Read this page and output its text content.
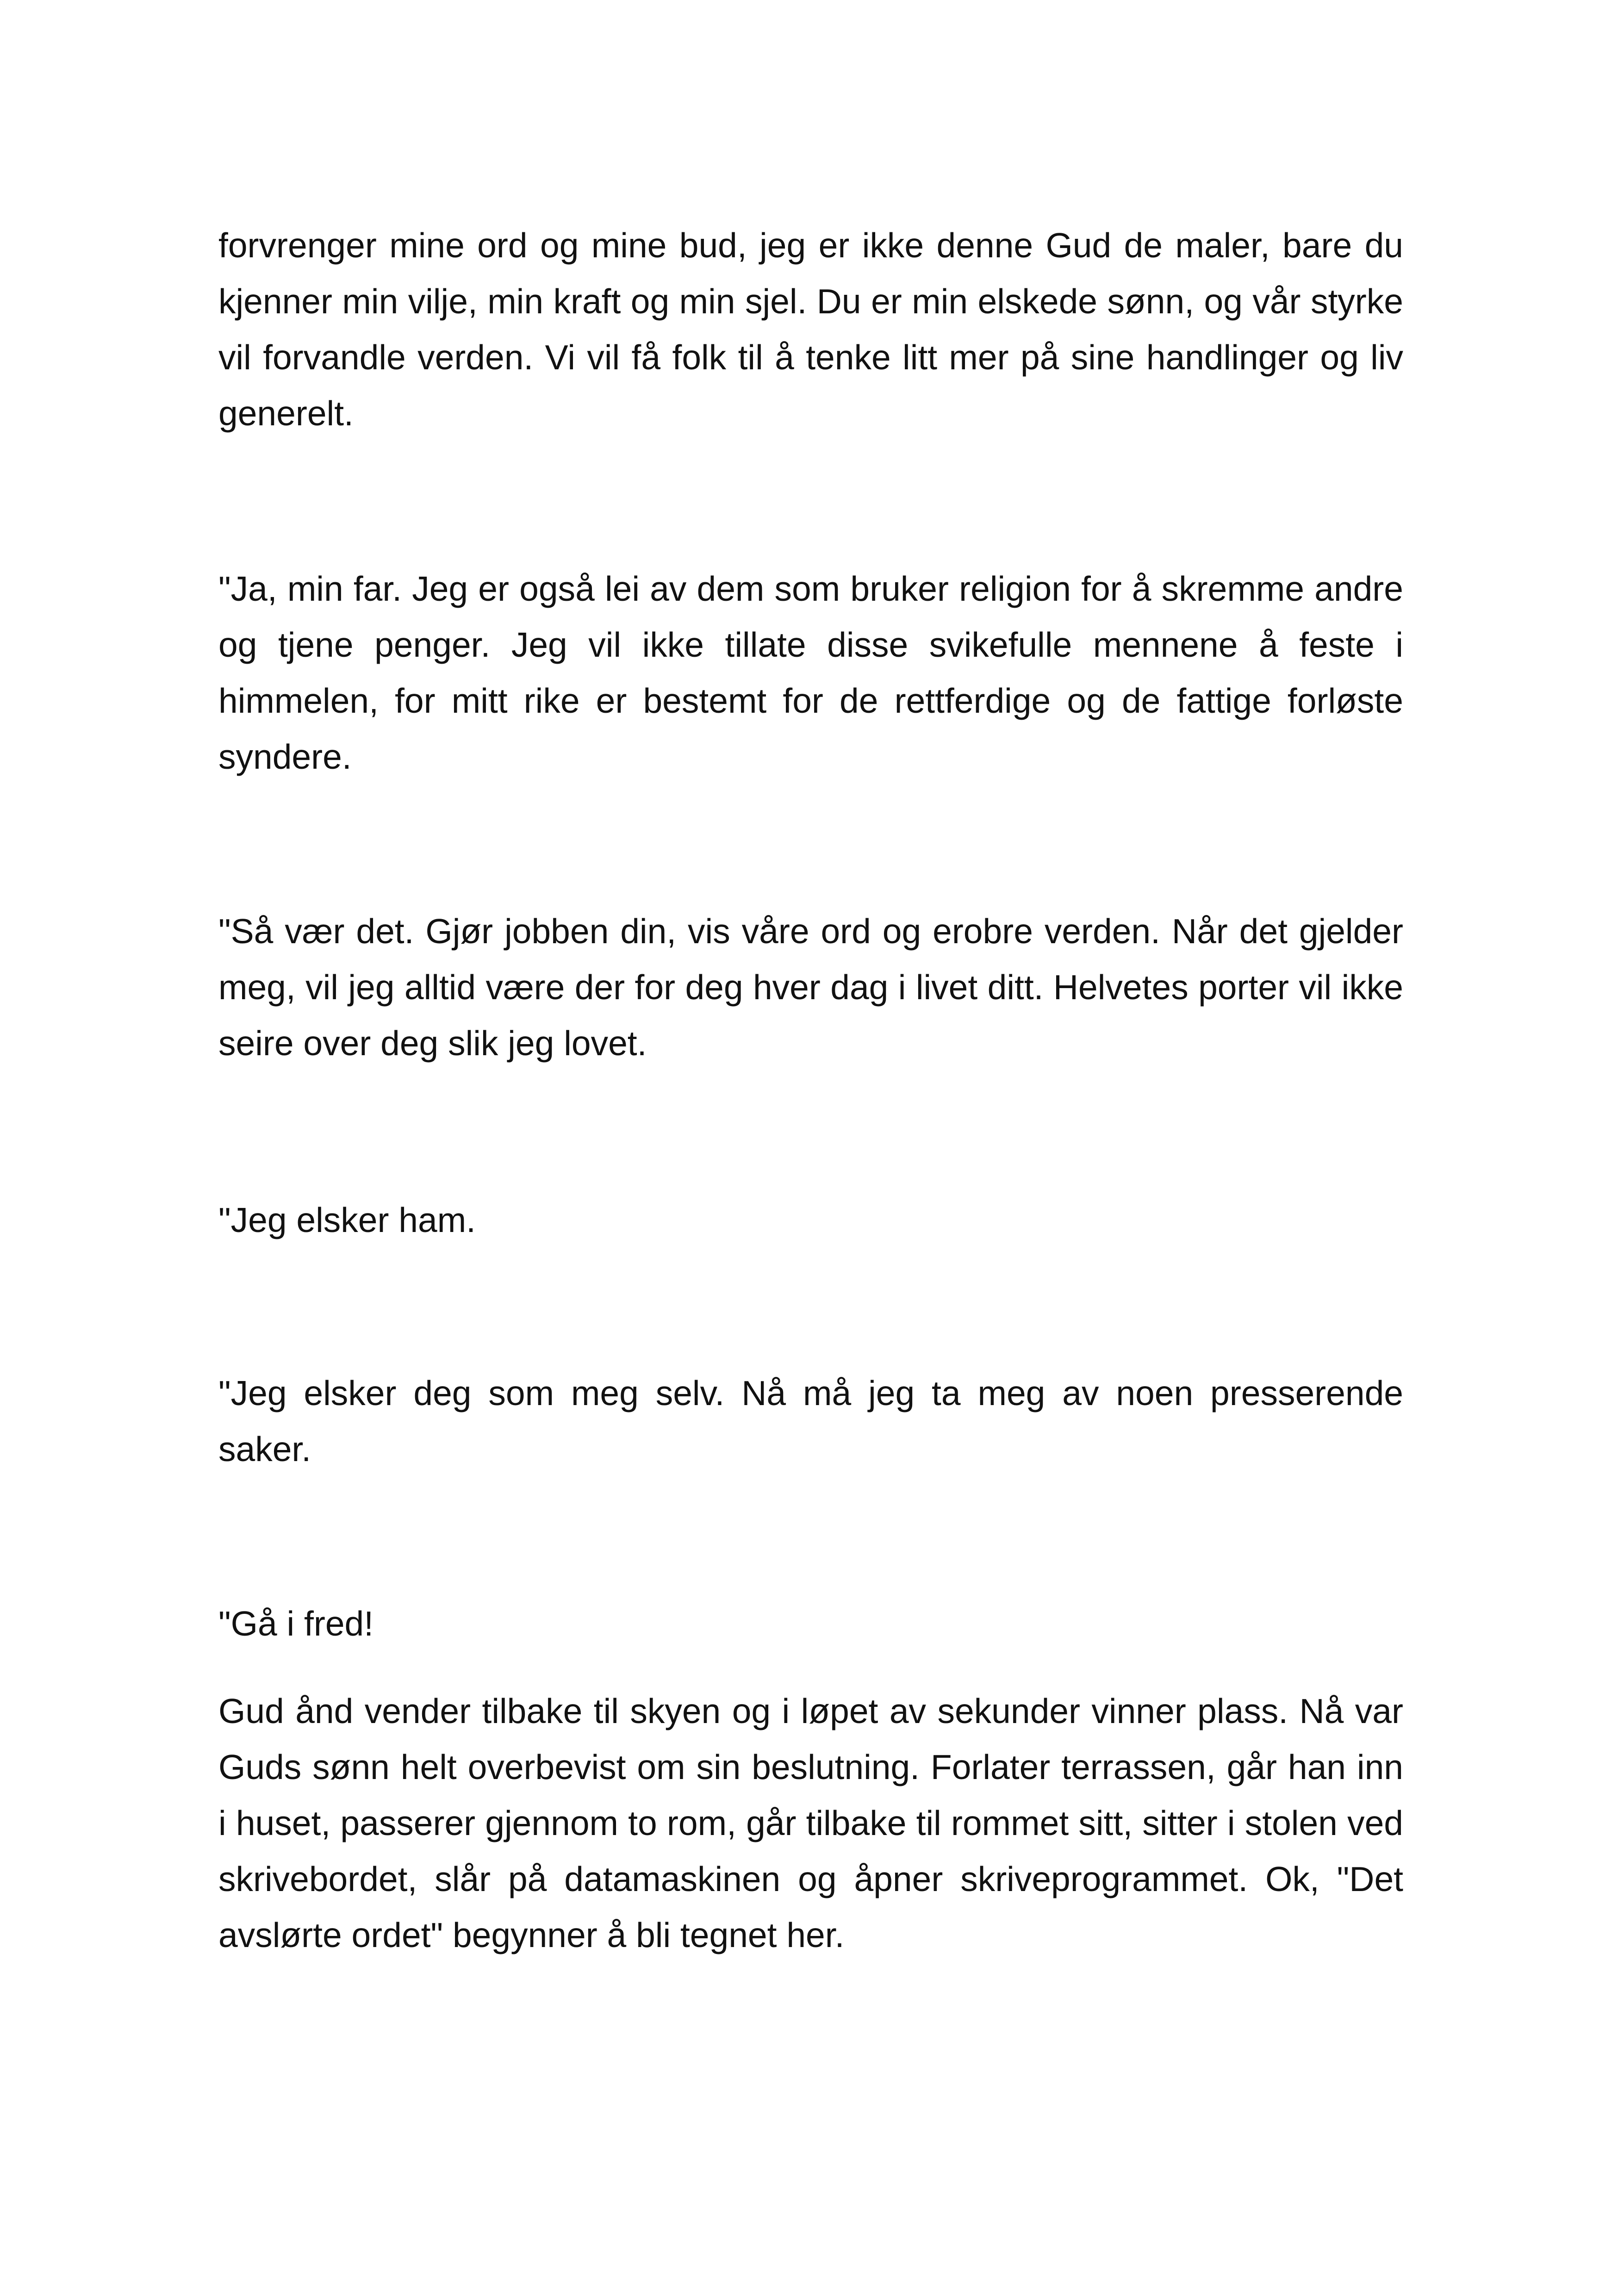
forvrenger mine ord og mine bud, jeg er ikke denne Gud de maler, bare du kjenner min vilje, min kraft og min sjel. Du er min elskede sønn, og vår styrke vil forvandle verden. Vi vil få folk til å tenke litt mer på sine handlinger og liv generelt.

"Ja, min far. Jeg er også lei av dem som bruker religion for å skremme andre og tjene penger. Jeg vil ikke tillate disse svikefulle mennene å feste i himmelen, for mitt rike er bestemt for de rettferdige og de fattige forløste syndere.

"Så vær det. Gjør jobben din, vis våre ord og erobre verden. Når det gjelder meg, vil jeg alltid være der for deg hver dag i livet ditt. Helvetes porter vil ikke seire over deg slik jeg lovet.

"Jeg elsker ham.

"Jeg elsker deg som meg selv. Nå må jeg ta meg av noen presserende saker.

"Gå i fred!

Gud ånd vender tilbake til skyen og i løpet av sekunder vinner plass. Nå var Guds sønn helt overbevist om sin beslutning. Forlater terrassen, går han inn i huset, passerer gjennom to rom, går tilbake til rommet sitt, sitter i stolen ved skrivebordet, slår på datamaskinen og åpner skriveprogrammet. Ok, "Det avslørte ordet" begynner å bli tegnet her.
